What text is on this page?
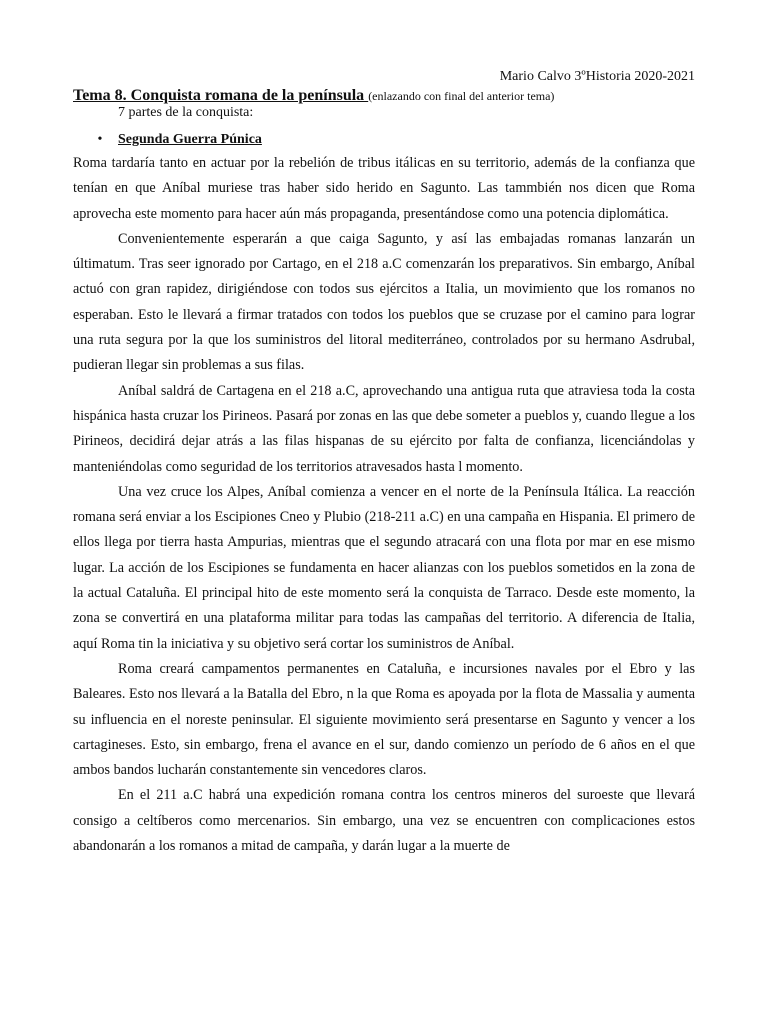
Mario Calvo 3ºHistoria 2020-2021
Tema 8. Conquista romana de la península (enlazando con final del anterior tema)
7 partes de la conquista:
•	Segunda Guerra Púnica

Roma tardaría tanto en actuar por la rebelión de tribus itálicas en su territorio, además de la confianza que tenían en que Aníbal muriese tras haber sido herido en Sagunto. Las tammbién nos dicen que Roma aprovecha este momento para hacer aún más propaganda, presentándose como una potencia diplomática.

Convenientemente esperarán a que caiga Sagunto, y así las embajadas romanas lanzarán un últimatum. Tras seer ignorado por Cartago, en el 218 a.C comenzarán los preparativos. Sin embargo, Aníbal actuó con gran rapidez, dirigiéndose con todos sus ejércitos a Italia, un movimiento que los romanos no esperaban. Esto le llevará a firmar tratados con todos los pueblos que se cruzase por el camino para lograr una ruta segura por la que los suministros del litoral mediterráneo, controlados por su hermano Asdrubal, pudieran llegar sin problemas a sus filas.

Aníbal saldrá de Cartagena en el 218 a.C, aprovechando una antigua ruta que atraviesa toda la costa hispánica hasta cruzar los Pirineos. Pasará por zonas en las que debe someter a pueblos y, cuando llegue a los Pirineos, decidirá dejar atrás a las filas hispanas de su ejército por falta de confianza, licenciándolas y manteniéndolas como seguridad de los territorios atravesados hasta l momento.

Una vez cruce los Alpes, Aníbal comienza a vencer en el norte de la Península Itálica. La reacción romana será enviar a los Escipiones Cneo y Plubio (218-211 a.C) en una campaña en Hispania. El primero de ellos llega por tierra hasta Ampurias, mientras que el segundo atracará con una flota por mar en ese mismo lugar. La acción de los Escipiones se fundamenta en hacer alianzas con los pueblos sometidos en la zona de la actual Cataluña. El principal hito de este momento será la conquista de Tarraco. Desde este momento, la zona se convertirá en una plataforma militar para todas las campañas del territorio. A diferencia de Italia, aquí Roma tin la iniciativa y su objetivo será cortar los suministros de Aníbal.

Roma creará campamentos permanentes en Cataluña, e incursiones navales por el Ebro y las Baleares. Esto nos llevará a la Batalla del Ebro, n la que Roma es apoyada por la flota de Massalia y aumenta su influencia en el noreste peninsular. El siguiente movimiento será presentarse en Sagunto y vencer a los cartagineses. Esto, sin embargo, frena el avance en el sur, dando comienzo un período de 6 años en el que ambos bandos lucharán constantemente sin vencedores claros.

En el 211 a.C habrá una expedición romana contra los centros mineros del suroeste que llevará consigo a celtíberos como mercenarios. Sin embargo, una vez se encuentren con complicaciones estos abandonarán a los romanos a mitad de campaña, y darán lugar a la muerte de
